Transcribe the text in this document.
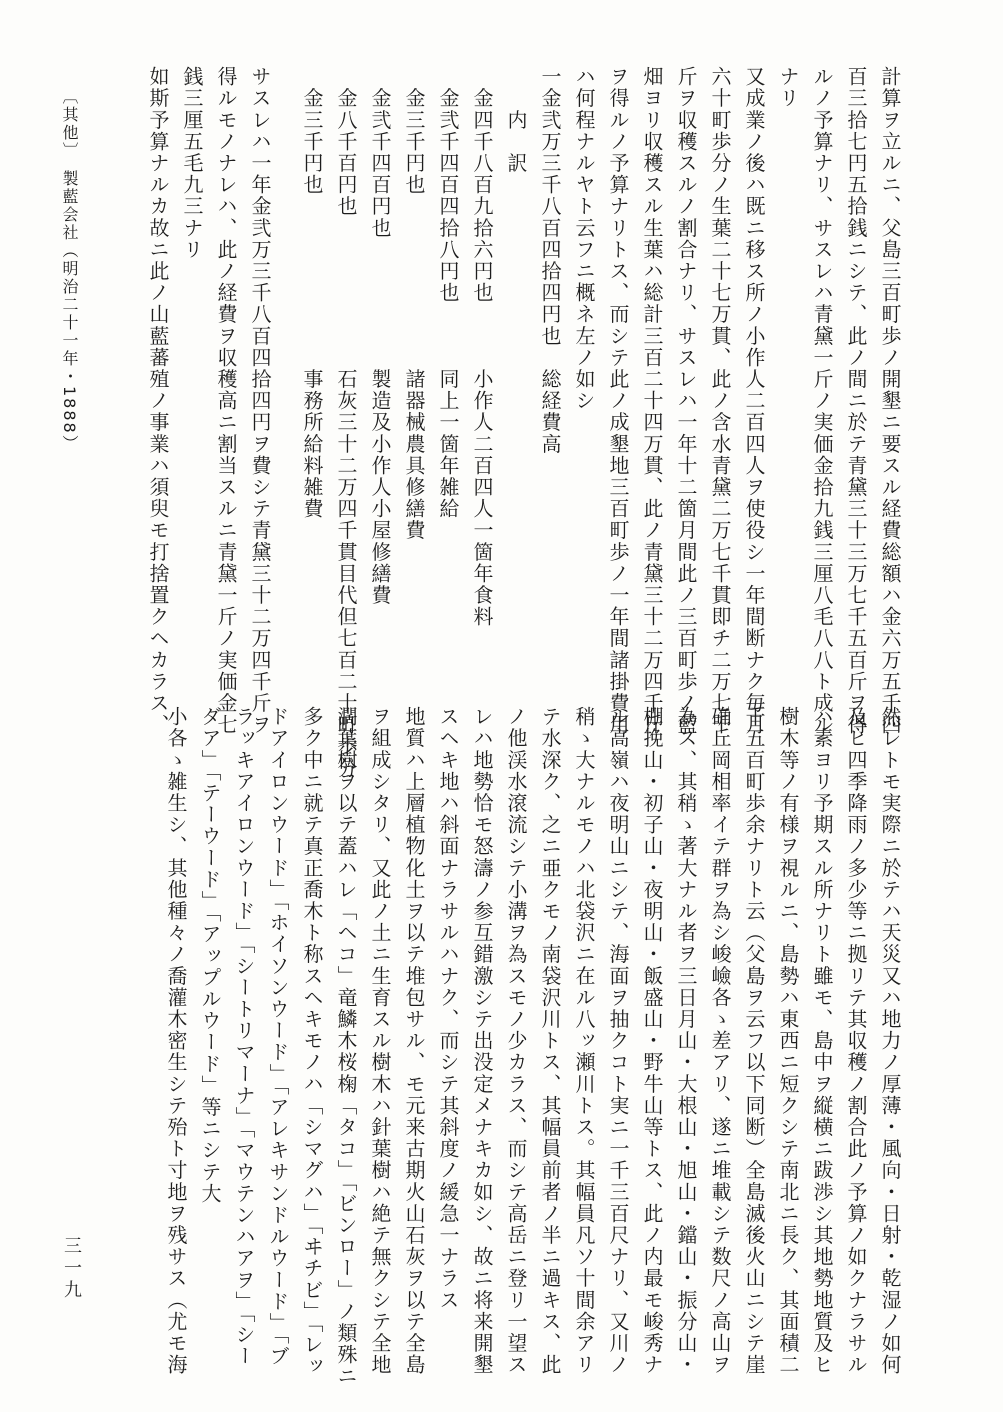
計算ヲ立ルニ、父島三百町歩ノ開墾ニ要スル経費総額ハ金六万五千四
百三拾七円五拾銭ニシテ、此ノ間ニ於テ青黛三十三万七千五百斤ヲ得
ルノ予算ナリ、サスレハ青黛一斤ノ実価金拾九銭三厘八毛八八ト成ル
ナリ
又成業ノ後ハ既ニ移ス所ノ小作人二百四人ヲ使役シ一年間断ナク毎月
六十町歩分ノ生葉二十七万貫、此ノ含水青黛二万七千貫即チ二万七千
斤ヲ収穫スルノ割合ナリ、サスレハ一年十二箇月間此ノ三百町歩ノ藍
畑ヨリ収穫スル生葉ハ総計三百二十四万貫、此ノ青黛三十二万四千斤
ヲ得ルノ予算ナリトス、而シテ此ノ成墾地三百町歩ノ一年間諸掛費用
ハ何程ナルヤト云フニ概ネ左ノ如シ
一金弐万三千八百四拾四円也　総経費高
　　内　訳
　金四千八百九拾六円也　　　小作人二百四人一箇年食料
　金弐千四百四拾八円也　　　同上一箇年雑給
　金三千円也　　　　　　　　諸器械農具修繕費
　金弐千四百円也　　　　　　製造及小作人小屋修繕費
　金八千百円也　　　　　　　石灰三十二万四千貫目代但七百二十町歩分
　金三千円也　　　　　　　　事務所給料雑費
サスレハ一年金弐万三千八百四拾四円ヲ費シテ青黛三十二万四千斤ヲ
得ルモノナレハ、此ノ経費ヲ収穫高ニ割当スルニ青黛一斤ノ実価金七
銭三厘五毛九三ナリ
如斯予算ナルカ故ニ此ノ山藍蕃殖ノ事業ハ須臾モ打捨置クヘカラス、
然レトモ実際ニ於テハ天災又ハ地力ノ厚薄・風向・日射・乾湿ノ如何
及ヒ四季降雨ノ多少等ニ拠リテ其収穫ノ割合此ノ予算ノ如クナラサル
ハ素ヨリ予期スル所ナリト雖モ、島中ヲ縦横ニ跋渉シ其地勢地質及ヒ
樹木等ノ有様ヲ視ルニ、島勢ハ東西ニ短クシテ南北ニ長ク、其面積二
千五百町歩余ナリト云（父島ヲ云フ以下同断）全島滅後火山ニシテ崖
确丘岡相率イテ群ヲ為シ峻嶮各ゝ差アリ、遂ニ堆載シテ数尺ノ高山ヲ
為ス、其稍ゝ著大ナル者ヲ三日月山・大根山・旭山・鐺山・振分山・
棚挽山・初子山・夜明山・飯盛山・野牛山等トス、此ノ内最モ峻秀ナ
ル高嶺ハ夜明山ニシテ、海面ヲ抽クコト実ニ一千三百尺ナリ、又川ノ
稍ゝ大ナルモノハ北袋沢ニ在ル八ッ瀬川トス。其幅員凡ソ十間余アリ
テ水深ク、之ニ亜クモノ南袋沢川トス、其幅員前者ノ半ニ過キス、此
ノ他渓水滾流シテ小溝ヲ為スモノ少カラス、而シテ高岳ニ登リ一望ス
レハ地勢恰モ怒濤ノ参互錯激シテ出没定メナキカ如シ、故ニ将来開墾
スヘキ地ハ斜面ナラサルハナク、而シテ其斜度ノ緩急一ナラス
地質ハ上層植物化土ヲ以テ堆包サル、モ元来古期火山石灰ヲ以テ全島
ヲ組成シタリ、又此ノ土ニ生育スル樹木ハ針葉樹ハ絶テ無クシテ全地
濶葉樹ヲ以テ蓋ハレ「ヘコ」竜鱗木桜椈「タコ」「ビンロー」ノ類殊ニ
多ク中ニ就テ真正喬木ト称スヘキモノハ「シマグハ」「ヰチビ」「レッ
ドアイロンウード」「ホイソンウード」「アレキサンドルウード」「ブ
ラッキアイロンウード」「シートリマーナ」「マウテンハアヲ」「シー
ダア」「テーウード」「アップルウード」等ニシテ大
小各ゝ雑生シ、其他種々ノ喬灌木密生シテ殆ト寸地ヲ残サス（尤モ海
〔其他〕　製藍会社（明治二十一年・1888）
三一九
